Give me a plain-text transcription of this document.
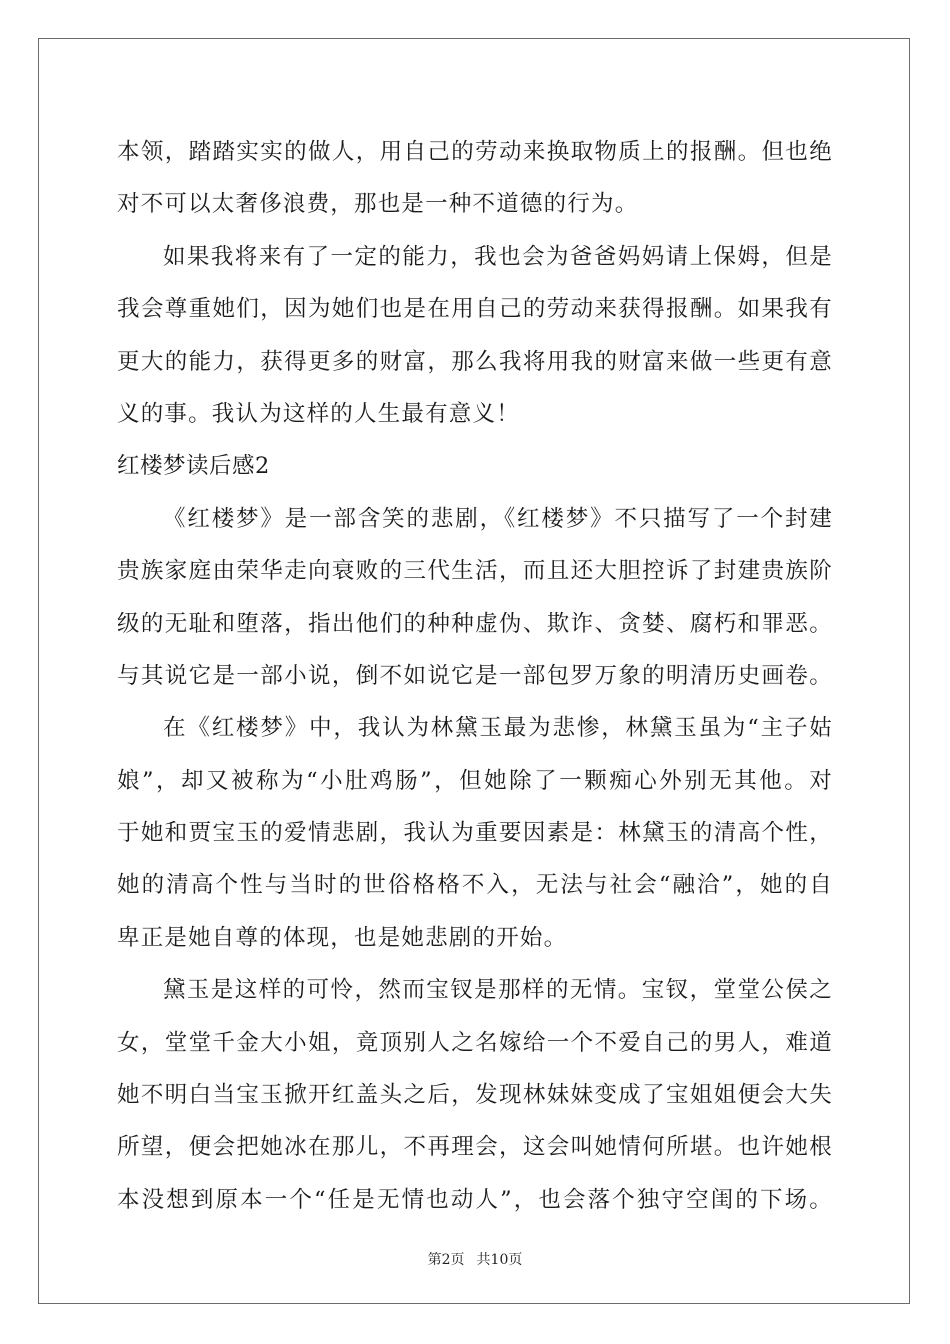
本领，踏踏实实的做人，用自己的劳动来换取物质上的报酬。但也绝
对不可以太奢侈浪费，那也是一种不道德的行为。
如果我将来有了一定的能力，我也会为爸爸妈妈请上保姆，但是
我会尊重她们，因为她们也是在用自己的劳动来获得报酬。如果我有
更大的能力，获得更多的财富，那么我将用我的财富来做一些更有意
义的事。我认为这样的人生最有意义！
红楼梦读后感2
《红楼梦》是一部含笑的悲剧，《红楼梦》不只描写了一个封建
贵族家庭由荣华走向衰败的三代生活，而且还大胆控诉了封建贵族阶
级的无耻和堕落，指出他们的种种虚伪、欺诈、贪婪、腐朽和罪恶。
与其说它是一部小说，倒不如说它是一部包罗万象的明清历史画卷。
在《红楼梦》中，我认为林黛玉最为悲惨，林黛玉虽为“主子姑
娘”，却又被称为“小肚鸡肠”，但她除了一颗痴心外别无其他。对
于她和贾宝玉的爱情悲剧，我认为重要因素是：林黛玉的清高个性，
她的清高个性与当时的世俗格格不入，无法与社会“融洽”，她的自
卑正是她自尊的体现，也是她悲剧的开始。
黛玉是这样的可怜，然而宝钗是那样的无情。宝钗，堂堂公侯之
女，堂堂千金大小姐，竟顶别人之名嫁给一个不爱自己的男人，难道
她不明白当宝玉掀开红盖头之后，发现林妹妹变成了宝姐姐便会大失
所望，便会把她冰在那儿，不再理会，这会叫她情何所堪。也许她根
本没想到原本一个“任是无情也动人”，也会落个独守空闺的下场。
第2页 共10页
